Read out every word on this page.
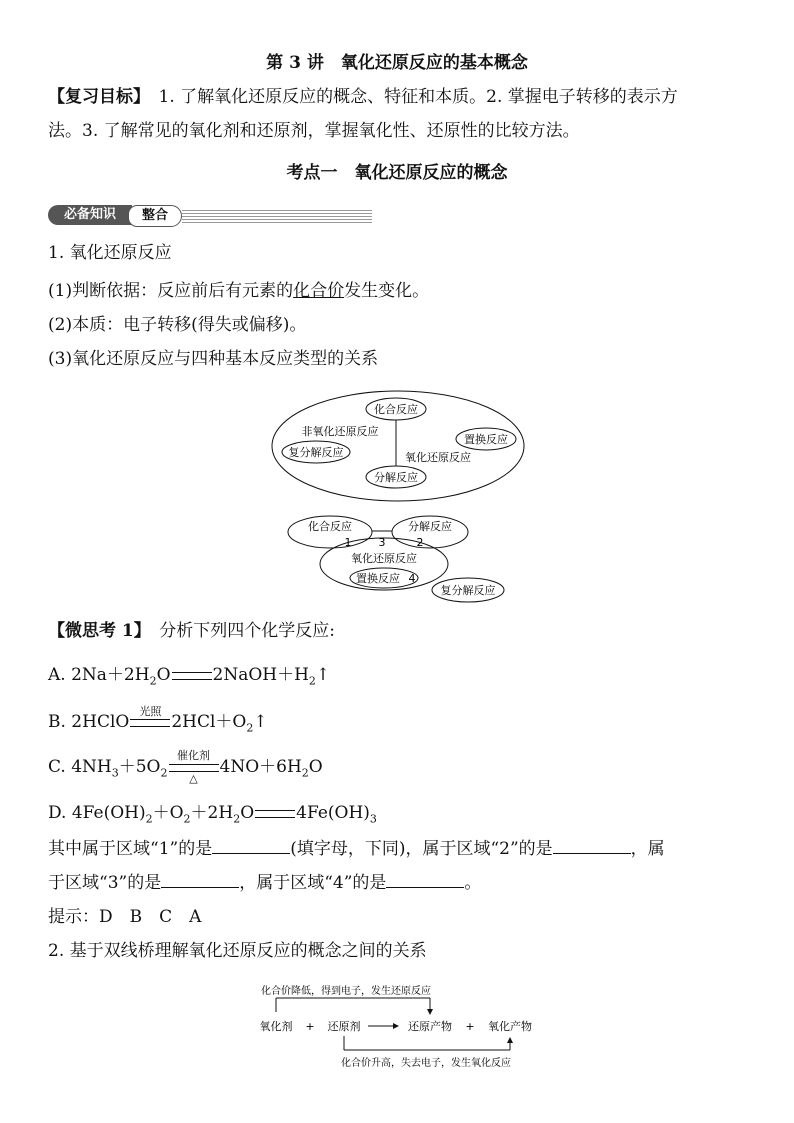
第 3 讲　氧化还原反应的基本概念
【复习目标】　 1. 了解氧化还原反应的概念、特征和本质。2. 掌握电子转移的表示方
法。3. 了解常见的氧化剂和还原剂，掌握氧化性、还原性的比较方法。
考点一　氧化还原反应的概念
必备知识	整合
1. 氧化还原反应
(1)判断依据：反应前后有元素的化合价发生变化。
(2)本质：电子转移(得失或偏移)。
(3)氧化还原反应与四种基本反应类型的关系
化合反应
非氧化还原反应
置换反应
复分解反应	氧化还原反应
分解反应
化合反应	分解反应
1 3	2
氧化还原反应
置换反应 4
复分解反应
【微思考 1】　 分析下列四个化学反应:
A. $2Na+2H_2O$ $2NaOH+H_2↑$
B. 2HClO
光照
$2HCl+O_2↑$
C. $4NH_3+5O_2$
催化剂
△
$4NO+6H_2O$
D. $4Fe(OH)_2+O_2+2H_2O$ $4Fe(OH)_3$
其中属于区域“1”的是	(填字母，下同)，属于区域“2”的是	，属
于区域“3”的是	，属于区域“4”的是	。
提示：D　B　C　A
2. 基于双线桥理解氧化还原反应的概念之间的关系
化合价降低，得到电子，发生还原反应
氧化剂 + 还原剂	还原产物 + 氧化产物
化合价升高，失去电子，发生氧化反应
